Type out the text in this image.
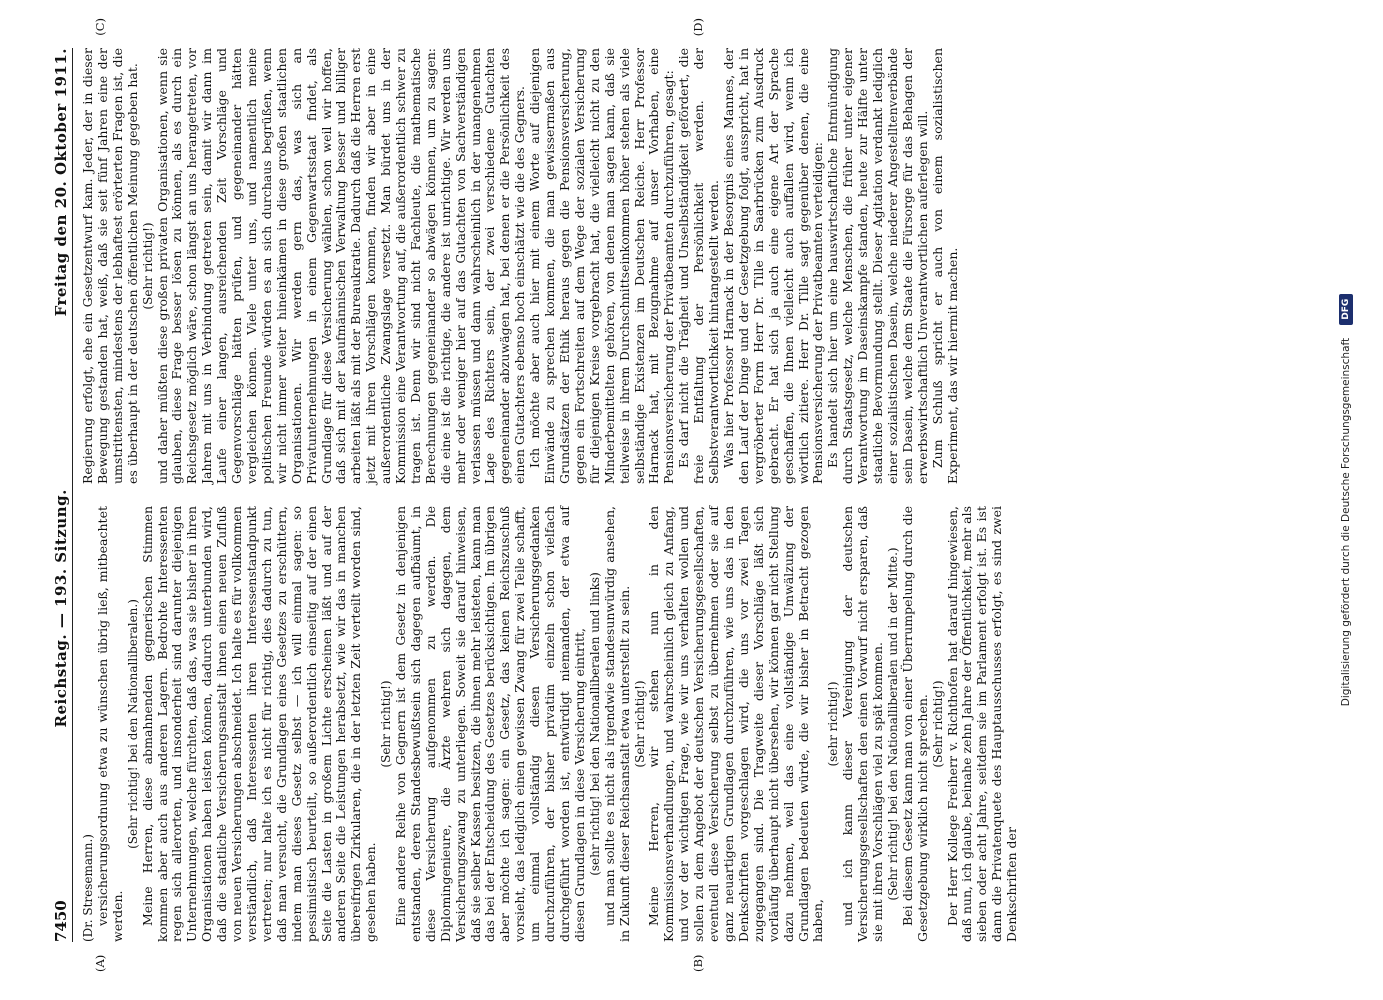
7450
Reichstag. — 193. Sitzung.
Freitag den 20. Oktober 1911.
(A)	(B)

(Dr. Stresemann.) versicherungsordnung etwa zu wünschen übrig ließ, mitbeachtet werden.

(Sehr richtig! bei den Nationalliberalen.) Meine Herren, diese abmahnenden gegnerischen Stimmen kommen aber auch aus anderen Lagern. Bedrohte Interessenten regen sich allerorten, und insonderheit sind darunter diejenigen Unternehmungen, welche fürchten, daß das, was sie bisher in ihren Organisationen haben leisten können, dadurch unterbunden wird, daß die staatliche Versicherungsanstalt ihnen einen neuen Zufluß von neuen Versicherungen abschneidet. Ich halte es für vollkommen verständlich, daß Interessenten ihren Interessenstandpunkt vertreten; nur halte ich es nicht für richtig, dies dadurch zu tun, daß man versucht, die Grundlagen eines Gesetzes zu erschüttern, indem man dieses Gesetz selbst — ich will einmal sagen: so pessimistisch beurteilt, so außerordentlich einseitig auf der einen Seite die Lasten in großem Lichte erscheinen läßt und auf der anderen Seite die Leistungen herabsetzt, wie wir das in manchen übereifrigen Zirkularen, die in der letzten Zeit verteilt worden sind, gesehen haben.

(Sehr richtig!) Eine andere Reihe von Gegnern ist dem Gesetz in denjenigen entstanden, deren Standesbewußtsein sich dagegen aufbäumt, in diese Versicherung aufgenommen zu werden. Die Diplomingenieure, die Ärzte wehren sich dagegen, dem Versicherungszwang zu unterliegen. Soweit sie darauf hinweisen, daß sie selber Kassen besitzen, die ihnen mehr leisteten, kann man das bei der Entscheidung des Gesetzes berücksichtigen. Im übrigen aber möchte ich sagen: ein Gesetz, das keinen Reichszuschuß vorsieht, das lediglich einen gewissen Zwang für zwei Teile schafft, um einmal vollständig diesen Versicherungsgedanken durchzuführen, der bisher privatim einzeln schon vielfach durchgeführt worden ist, entwürdigt niemanden, der etwa auf diesen Grundlagen in diese Versicherung eintritt, (sehr richtig! bei den Nationalliberalen und links) und man sollte es nicht als irgendwie standesunwürdig ansehen, in Zukunft dieser Reichsanstalt etwa unterstellt zu sein. (Sehr richtig!) Meine Herren, wir stehen nun in den Kommissionsverhandlungen, und wahrscheinlich gleich zu Anfang, und vor der wichtigen Frage, wie wir uns verhalten wollen und sollen zu dem Angebot der deutschen Versicherungsgesellschaften, eventuell diese Versicherung selbst zu übernehmen oder sie auf ganz neuartigen Grundlagen durchzuführen, wie uns das in den Denkschriften vorgeschlagen wird, die uns vor zwei Tagen zugegangen sind. Die Tragweite dieser Vorschläge läßt sich vorläufig überhaupt nicht übersehen, wir können gar nicht Stellung dazu nehmen, weil das eine vollständige Umwälzung der Grundlagen bedeuten würde, die wir bisher in Betracht gezogen haben,

(sehr richtig!) und ich kann dieser Vereinigung der deutschen Versicherungsgesellschaften den einen Vorwurf nicht ersparen, daß sie mit ihren Vorschlägen viel zu spät kommen. (Sehr richtig! bei den Nationalliberalen und in der Mitte.) Bei diesem Gesetz kann man von einer Überrumpelung durch die Gesetzgebung wirklich nicht sprechen. (Sehr richtig!) Der Herr Kollege Freiherr v. Richthofen hat darauf hingewiesen, daß nun, ich glaube, beinahe zehn Jahre der Öffentlichkeit, mehr als sieben oder acht Jahre, seitdem sie im Parlament erfolgt ist. Es ist dann die Privatenquete des Hauptausschusses erfolgt, es sind zwei Denkschriften der

(C)	(D)

Regierung erfolgt, ehe ein Gesetzentwurf kam. Jeder, der in dieser Bewegung gestanden hat, weiß, daß sie seit fünf Jahren eine der umstrittensten, mindestens der lebhaftest erörterten Fragen ist, die es überhaupt in der deutschen öffentlichen Meinung gegeben hat. (Sehr richtig!) und daher müßten diese großen privaten Organisationen, wenn sie glauben, diese Frage besser lösen zu können, als es durch ein Reichsgesetz möglich wäre, schon längst an uns herangetreten, vor Jahren mit uns in Verbindung getreten sein, damit wir dann im Laufe einer langen, ausreichenden Zeit Vorschläge und Gegenvorschläge hätten prüfen, und gegeneinander hätten vergleichen können. Viele unter uns, und namentlich meine politischen Freunde würden es an sich durchaus begrüßen, wenn wir nicht immer weiter hineinkämen in diese großen staatlichen Organisationen. Wir werden gern das, was sich an Privatunternehmungen in einem Gegenwartsstaat findet, als Grundlage für diese Versicherung wählen, schon weil wir hoffen, daß sich mit der kaufmännischen Verwaltung besser und billiger arbeiten läßt als mit der Bureaukratie. Dadurch daß die Herren erst jetzt mit ihren Vorschlägen kommen, finden wir aber in eine außerordentliche Zwangslage versetzt. Man bürdet uns in der Kommission eine Verantwortung auf, die außerordentlich schwer zu tragen ist. Denn wir sind nicht Fachleute, die mathematische Berechnungen gegeneinander so abwägen können, um zu sagen: die eine ist die richtige, die andere ist unrichtige. Wir werden uns mehr oder weniger hier auf das Gutachten von Sachverständigen verlassen müssen und dann wahrscheinlich in der unangenehmen Lage des Richters sein, der zwei verschiedene Gutachten gegeneinander abzuwägen hat, bei denen er die Persönlichkeit des einen Gutachters ebenso hoch einschätzt wie die des Gegners. Ich möchte aber auch hier mit einem Worte auf diejenigen Einwände zu sprechen kommen, die man gewissermaßen aus Grundsätzen der Ethik heraus gegen die Pensionsversicherung, gegen ein Fortschreiten auf dem Wege der sozialen Versicherung für diejenigen Kreise vorgebracht hat, die vielleicht nicht zu den Minderbemittelten gehören, von denen man sagen kann, daß sie teilweise in ihrem Durchschnittseinkommen höher stehen als viele selbständige Existenzen im Deutschen Reiche. Herr Professor Harnack hat, mit Bezugnahme auf unser Vorhaben, eine Pensionsversicherung der Privatbeamten durchzuführen, gesagt: Es darf nicht die Trägheit und Unselbständigkeit gefördert, die freie Entfaltung der Persönlichkeit werden. der Selbstverantwortlichkeit hintangestellt werden. Was hier Professor Harnack in der Besorgnis eines Mannes, der den Lauf der Dinge und der Gesetzgebung folgt, ausspricht, hat in vergröberter Form Herr Dr. Tille in Saarbrücken zum Ausdruck gebracht. Er hat sich ja auch eine eigene Art der Sprache geschaffen, die Ihnen vielleicht auch auffallen wird, wenn ich wörtlich zitiere. Herr Dr. Tille sagt gegenüber denen, die eine Pensionsversicherung der Privatbeamten verteidigen: Es handelt sich hier um eine hauswirtschaftliche Entmündigung durch Staatsgesetz, welche Menschen, die früher unter eigener Verantwortung im Daseinskampfe standen, heute zur Hälfte unter staatliche Bevormundung stellt. Dieser Agitation verdankt lediglich einer sozialistischen Dasein, welche niederer Angestelltenverbände sein Dasein, welche dem Staate die Fürsorge für das Behagen der erwerbswirtschaftlich Unverantwortlichen auferlegen will. Zum Schluß spricht er auch von einem sozialistischen Experiment, das wir hiermit machen.	Digitalisierung gefördert durch die Deutsche Forschungsgemeinschaft DFG
